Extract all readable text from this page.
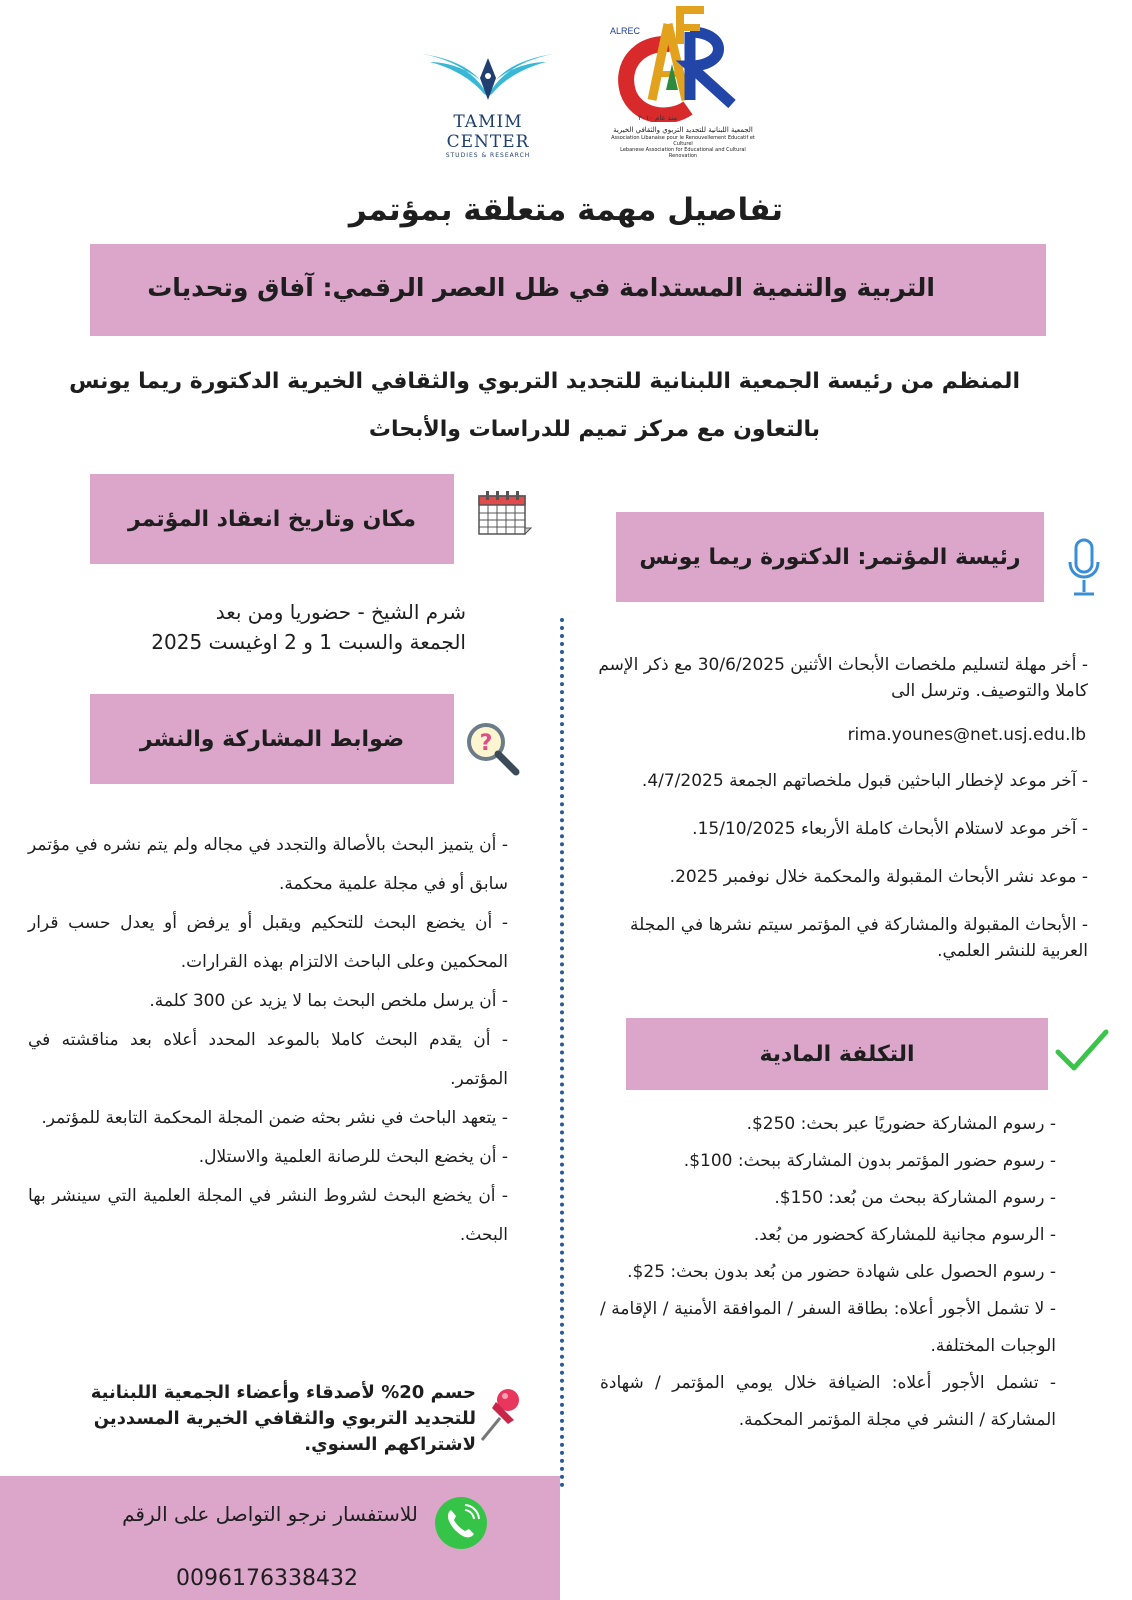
TAMIM CENTER
STUDIES & RESEARCH
ALREC
منذ عام ٢٠١٠
الجمعية اللبنانية للتجديد التربوي والثقافي الخيرية
Association Libanaise pour le Renouvellement Educatif et Culturel
Lebanese Association for Educational and Cultural Renovation
تفاصيل مهمة متعلقة بمؤتمر
التربية والتنمية المستدامة في ظل العصر الرقمي: آفاق وتحديات
المنظم من رئيسة الجمعية اللبنانية للتجديد التربوي والثقافي الخيرية الدكتورة ريما يونس
بالتعاون مع مركز تميم للدراسات والأبحاث
مكان وتاريخ انعقاد المؤتمر
شرم الشيخ - حضوريا ومن بعد
الجمعة والسبت 1 و 2 اوغيست 2025
رئيسة المؤتمر: الدكتورة ريما يونس
- أخر مهلة لتسليم ملخصات الأبحاث الأثنين 30/6/2025 مع ذكر الإسم كاملا والتوصيف. وترسل الى
rima.younes@net.usj.edu.lb
- آخر موعد لإخطار الباحثين قبول ملخصاتهم الجمعة 4/7/2025.
- آخر موعد لاستلام الأبحاث كاملة الأربعاء 15/10/2025.
- موعد نشر الأبحاث المقبولة والمحكمة خلال نوفمبر 2025.
- الأبحاث المقبولة والمشاركة في المؤتمر سيتم نشرها في المجلة العربية للنشر العلمي.
ضوابط المشاركة والنشر	?
- أن يتميز البحث بالأصالة والتجدد في مجاله ولم يتم نشره في مؤتمر سابق أو في مجلة علمية محكمة.
- أن يخضع البحث للتحكيم ويقبل أو يرفض أو يعدل حسب قرار المحكمين وعلى الباحث الالتزام بهذه القرارات.
- أن يرسل ملخص البحث بما لا يزيد عن 300 كلمة.
- أن يقدم البحث كاملا بالموعد المحدد أعلاه بعد مناقشته في المؤتمر.
- يتعهد الباحث في نشر بحثه ضمن المجلة المحكمة التابعة للمؤتمر.
- أن يخضع البحث للرصانة العلمية والاستلال.
- أن يخضع البحث لشروط النشر في المجلة العلمية التي سينشر بها البحث.
التكلفة المادية
- رسوم المشاركة حضوريًا عبر بحث: 250$.
- رسوم حضور المؤتمر بدون المشاركة ببحث: 100$.
- رسوم المشاركة ببحث من بُعد: 150$.
- الرسوم مجانية للمشاركة كحضور من بُعد.
- رسوم الحصول على شهادة حضور من بُعد بدون بحث: 25$.
- لا تشمل الأجور أعلاه: بطاقة السفر / الموافقة الأمنية / الإقامة / الوجبات المختلفة.
- تشمل الأجور أعلاه: الضيافة خلال يومي المؤتمر / شهادة المشاركة / النشر في مجلة المؤتمر المحكمة.
حسم 20% لأصدقاء وأعضاء الجمعية اللبنانية للتجديد التربوي والثقافي الخيرية المسددين لاشتراكهم السنوي.
للاستفسار نرجو التواصل على الرقم
0096176338432
